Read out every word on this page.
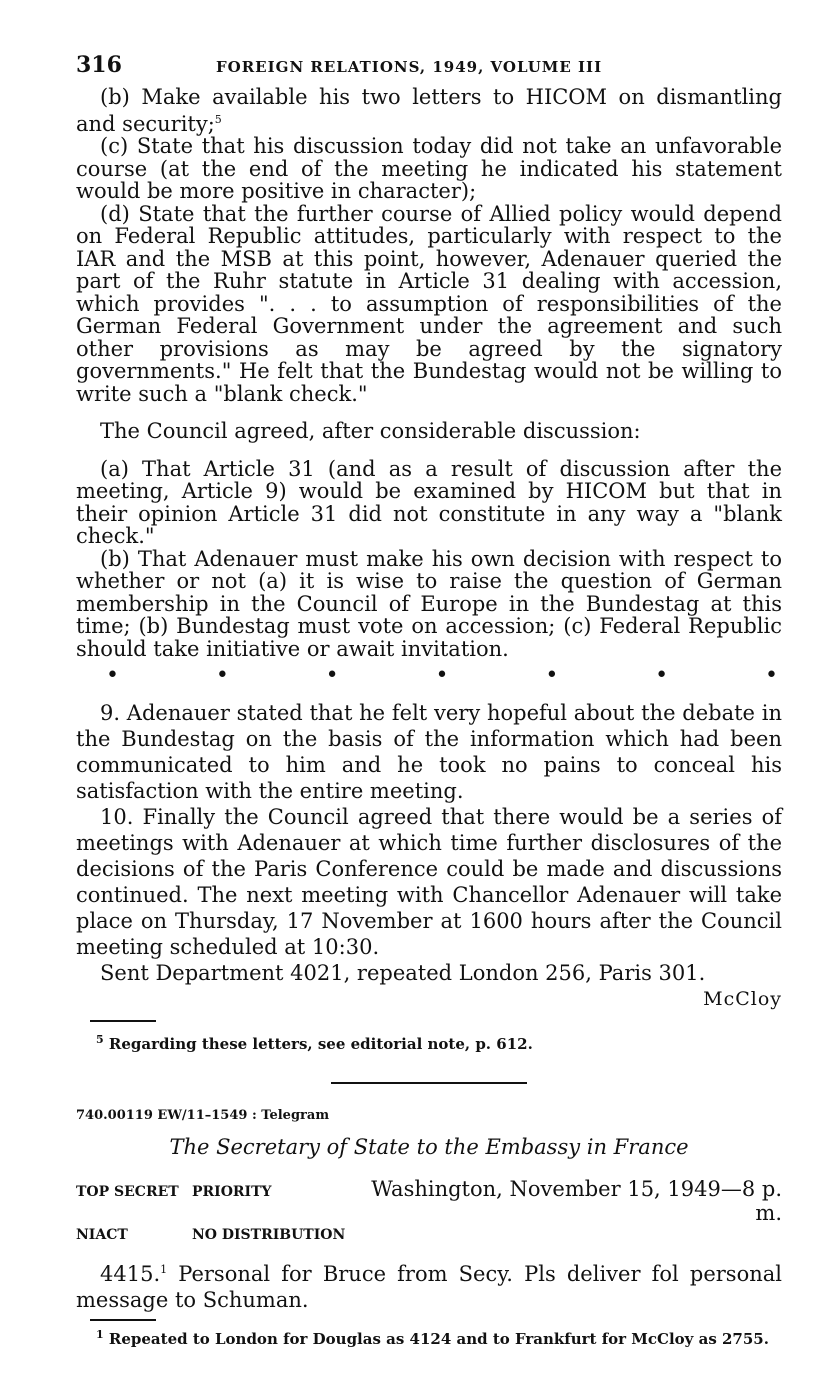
316	FOREIGN RELATIONS, 1949, VOLUME III

(b) Make available his two letters to HICOM on dismantling and security;$^5$

(c) State that his discussion today did not take an unfavorable course (at the end of the meeting he indicated his statement would be more positive in character);

(d) State that the further course of Allied policy would depend on Federal Republic attitudes, particularly with respect to the IAR and the MSB at this point, however, Adenauer queried the part of the Ruhr statute in Article 31 dealing with accession, which provides ". . . to assumption of responsibilities of the German Federal Government under the agreement and such other provisions as may be agreed by the signatory governments." He felt that the Bundestag would not be willing to write such a "blank check."

The Council agreed, after considerable discussion:

(a) That Article 31 (and as a result of discussion after the meeting, Article 9) would be examined by HICOM but that in their opinion Article 31 did not constitute in any way a "blank check."

(b) That Adenauer must make his own decision with respect to whether or not (a) it is wise to raise the question of German membership in the Council of Europe in the Bundestag at this time; (b) Bundestag must vote on accession; (c) Federal Republic should take initiative or await invitation.

•	•	•	•	•	•	•

9. Adenauer stated that he felt very hopeful about the debate in the Bundestag on the basis of the information which had been communicated to him and he took no pains to conceal his satisfaction with the entire meeting.

10. Finally the Council agreed that there would be a series of meetings with Adenauer at which time further disclosures of the decisions of the Paris Conference could be made and discussions continued. The next meeting with Chancellor Adenauer will take place on Thursday, 17 November at 1600 hours after the Council meeting scheduled at 10:30.

Sent Department 4021, repeated London 256, Paris 301.

McCloy

$^5$ Regarding these letters, see editorial note, p. 612.

740.00119 EW/11–1549 : Telegram

The Secretary of State to the Embassy in France

TOP SECRET PRIORITY	Washington, November 15, 1949—8 p. m.
NIACT	NO DISTRIBUTION

4415.$^1$ Personal for Bruce from Secy. Pls deliver fol personal message to Schuman.

$^1$ Repeated to London for Douglas as 4124 and to Frankfurt for McCloy as 2755.
